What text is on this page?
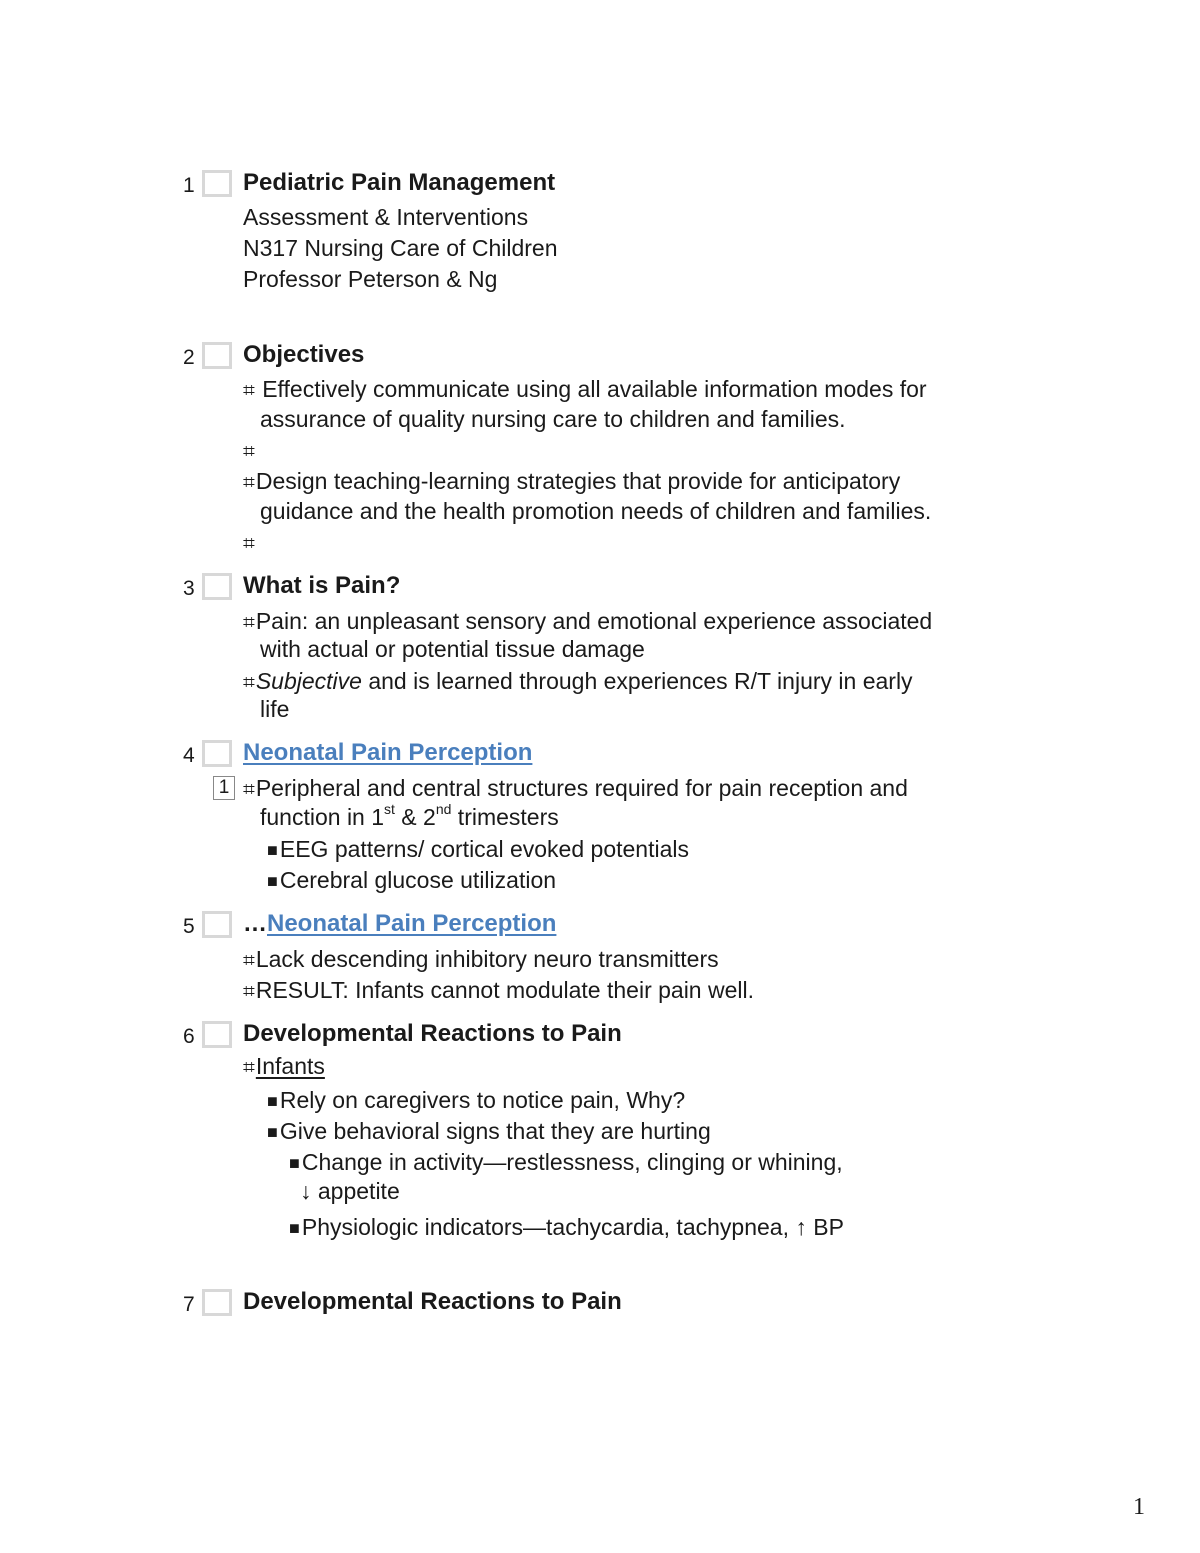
1 Pediatric Pain Management
Assessment & Interventions
N317 Nursing Care of Children
Professor Peterson & Ng
2 Objectives
⌗ Effectively communicate using all available information modes for
assurance of quality nursing care to children and families.
⌗
⌗Design teaching-learning strategies that provide for anticipatory
guidance and the health promotion needs of children and families.
⌗
3 What is Pain?
⌗Pain: an unpleasant sensory and emotional experience associated
with actual or potential tissue damage
⌗Subjective and is learned through experiences R/T injury in early
life
4 Neonatal Pain Perception
1 ⌗Peripheral and central structures required for pain reception and
function in 1st & 2nd trimesters
■EEG patterns/ cortical evoked potentials
■Cerebral glucose utilization
5 …Neonatal Pain Perception
⌗Lack descending inhibitory neuro transmitters
⌗RESULT: Infants cannot modulate their pain well.
6 Developmental Reactions to Pain
⌗Infants
■Rely on caregivers to notice pain, Why?
■Give behavioral signs that they are hurting
■Change in activity—restlessness, clinging or whining,
↓ appetite
■Physiologic indicators—tachycardia, tachypnea, ↑ BP
7 Developmental Reactions to Pain
1
